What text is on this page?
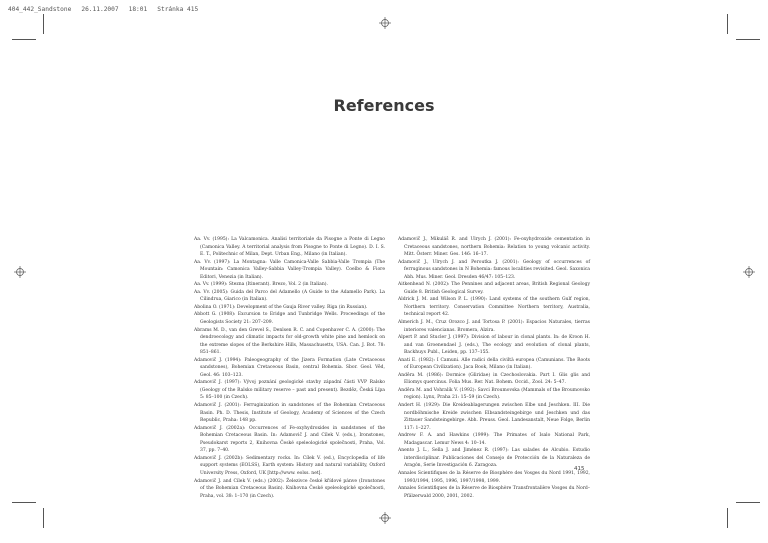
404_442_Sandstone 26.11.2007 18:01 Stránka 415
References

Aa. Vv. (1995): La Valcamonica. Analisi territoriale da Pisogne a Ponte di Legno (Camonica Valley. A territorial analysis from Pisogne to Ponte di Legno). D. I. S. E. T., Politechnic of Milan, Dept. Urban Eng., Milano (in Italian).

Aa. Vv. (1997): La Montagna: Valle Camonica-Valle Sabbia-Valle Trompia (The Mountain: Camonica Valley-Sabbia Valley-Trompia Valley). Coelbo & Fiore Editori, Venezia (in Italian).

Aa. Vv. (1999): Stezna (Itinerant). Brezo, Vol. 2 (in Italian).

Aa. Vv. (2005): Guida del Parco del Adamello (A Guide to the Adamello Park). La Cilindrua, Giarico (in Italian).

Abolina O. (1971): Development of the Gauja River valley. Riga (in Russian).

Abbott G. (1908): Excursion to Eridge and Tunbridge Wells. Proceedings of the Geologists Society 21: 207–209.

Abrams M. D., van den Grevel S., Denlsen R. C. and Copenhaver C. A. (2000): The dendroecology and climatic impacts for old-growth white pine and hemlock on the extreme slopes of the Berkshire Hills, Massachusetts, USA. Can. J. Bot. 78: 851–861.

Adamovič J. (1994): Paleogeography of the Jizera Formation (Late Cretaceous sandstones), Bohemian Cretaceous Basin, central Bohemia. Sbor. Geol. Věd, Geol. 46: 103–123.

Adamovič J. (1997): Vývoj poznání geologické stavby západní části VVP Ralsko (Geology of the Ralsko military reserve – past and present). Bezděz, Česká Lípa 5: 85–100 (in Czech).

Adamovič J. (2001): Ferruginization in sandstones of the Bohemian Cretaceous Basin. Ph. D. Thesis, Institute of Geology, Academy of Sciences of the Czech Republic, Praha: 148 pp.

Adamovič J. (2002a): Occurrences of Fe-oxyhydroxides in sandstones of the Bohemian Cretaceous Basin. In: Adamovič J. and Cílek V. (eds.), Ironstones, Pseudokarst reports 2, Knihovna České speleologické společnosti, Praha, Vol. 37, pp. 7–40.

Adamovič J. (2002b): Sedimentary rocks. In: Cílek V. (ed.), Encyclopedia of life support systems (EOLSS), Earth system: History and natural variability, Oxford University Press, Oxford, UK [http://www. eolss. net].

Adamovič J. and Cílek V. (eds.) (2002): Železivce české křídové pánve (Ironstones of the Bohemian Cretaceous Basin). Knihovna České speleologické společnosti, Praha, vol. 38: 1–170 (in Czech).

Adamovič J., Mikuláš R. and Ulrych J. (2001): Fe-oxyhydroxide cementation in Cretaceous sandstones, northern Bohemia: Relation to young volcanic activity. Mitt. Österr. Miner. Ges. 146: 16–17.

Adamovič J., Ulrych J. and Peroutka J. (2001): Geology of occurrences of ferruginous sandstones in N Bohemia: famous localities revisited. Geol. Saxonica Abh. Mus. Miner. Geol. Dresden 46/47: 105–123.

Aitkenhead N. (2002): The Pennines and adjacent areas, British Regional Geology Guide 8. British Geological Survey.

Aldrick J. M. and Wilson P. L. (1990): Land systems of the southern Gulf region, Northern territory. Conservation Committee Northern territory, Australia, technical report 42.

Almerich J. M., Cruz Orozco J. and Tortosa P. (2001): Espacios Naturales, tierras interiores valencianas. Bromera, Alzira.

Alpert P. and Stucler J. (1997): Division of labour in clonal plants. In: de Kroon H. and van Groenendael J. (eds.), The ecology and evolution of clonal plants, Backhuys Publ., Leiden, pp. 137–155.

Anati E. (1982): I Camuni. Alle radici della civiltà europea (Camunians. The Roots of European Civilization). Jaca Book, Milano (in Italian).

Anděra M. (1986): Dormice (Gliridae) in Czechoslovakia. Part I. Glis glis and Eliomys quercinus. Folia Mus. Rer. Nat. Bohem. Occid., Zool. 24: 5–47.

Anděra M. and Vohralík V. (1992): Savci Broumovska (Mammals of the Broumovsko region). Lynx, Praha 21: 15–59 (in Czech).

Andert H. (1929): Die Kreideablagerungen zwischen Elbe und Jeschken. III. Die nordböhmische Kreide zwischen Elbsandsteingebirge und Jeschken und das Zittauer Sandsteingebirge. Abh. Preuss. Geol. Landesanstalt, Neue Folge, Berlin 117: 1–227.

Andrew F. A. and Hawkins (1999): The Primates of Isalo National Park, Madagascar. Lemur News 4: 10–14.

Anento J. L., Sella J. and Jiménez R. (1997): Las salades de Alcubio. Estudio interdisciplinar. Publicaciones del Consejo de Protección de la Naturaleza de Aragón, Serie Investigación 6. Zaragoza.

Annales Scientifiques de la Réserve de Biosphère des Vosges du Nord 1991, 1992, 1993/1994, 1995, 1996, 1997/1998, 1999.

Annales Scientifiques de la Réserve de Biosphère Transfrontalière Vosges du Nord–Pfälzerwald 2000, 2001, 2002.

415
